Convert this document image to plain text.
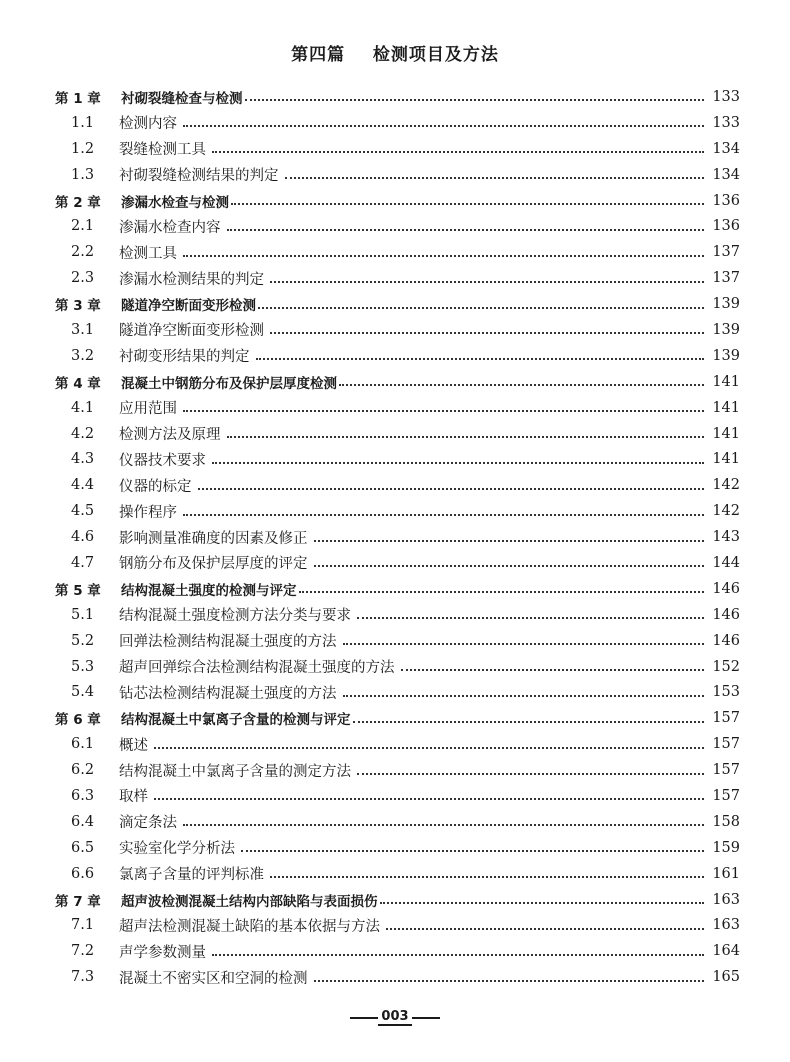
第四篇    检测项目及方法
第 1 章	衬砌裂缝检查与检测	133
1.1	检测内容	133
1.2	裂缝检测工具	134
1.3	衬砌裂缝检测结果的判定	134
第 2 章	渗漏水检查与检测	136
2.1	渗漏水检查内容	136
2.2	检测工具	137
2.3	渗漏水检测结果的判定	137
第 3 章	隧道净空断面变形检测	139
3.1	隧道净空断面变形检测	139
3.2	衬砌变形结果的判定	139
第 4 章	混凝土中钢筋分布及保护层厚度检测	141
4.1	应用范围	141
4.2	检测方法及原理	141
4.3	仪器技术要求	141
4.4	仪器的标定	142
4.5	操作程序	142
4.6	影响测量准确度的因素及修正	143
4.7	钢筋分布及保护层厚度的评定	144
第 5 章	结构混凝土强度的检测与评定	146
5.1	结构混凝土强度检测方法分类与要求	146
5.2	回弹法检测结构混凝土强度的方法	146
5.3	超声回弹综合法检测结构混凝土强度的方法	152
5.4	钻芯法检测结构混凝土强度的方法	153
第 6 章	结构混凝土中氯离子含量的检测与评定	157
6.1	概述	157
6.2	结构混凝土中氯离子含量的测定方法	157
6.3	取样	157
6.4	滴定条法	158
6.5	实验室化学分析法	159
6.6	氯离子含量的评判标准	161
第 7 章	超声波检测混凝土结构内部缺陷与表面损伤	163
7.1	超声法检测混凝土缺陷的基本依据与方法	163
7.2	声学参数测量	164
7.3	混凝土不密实区和空洞的检测	165
003
